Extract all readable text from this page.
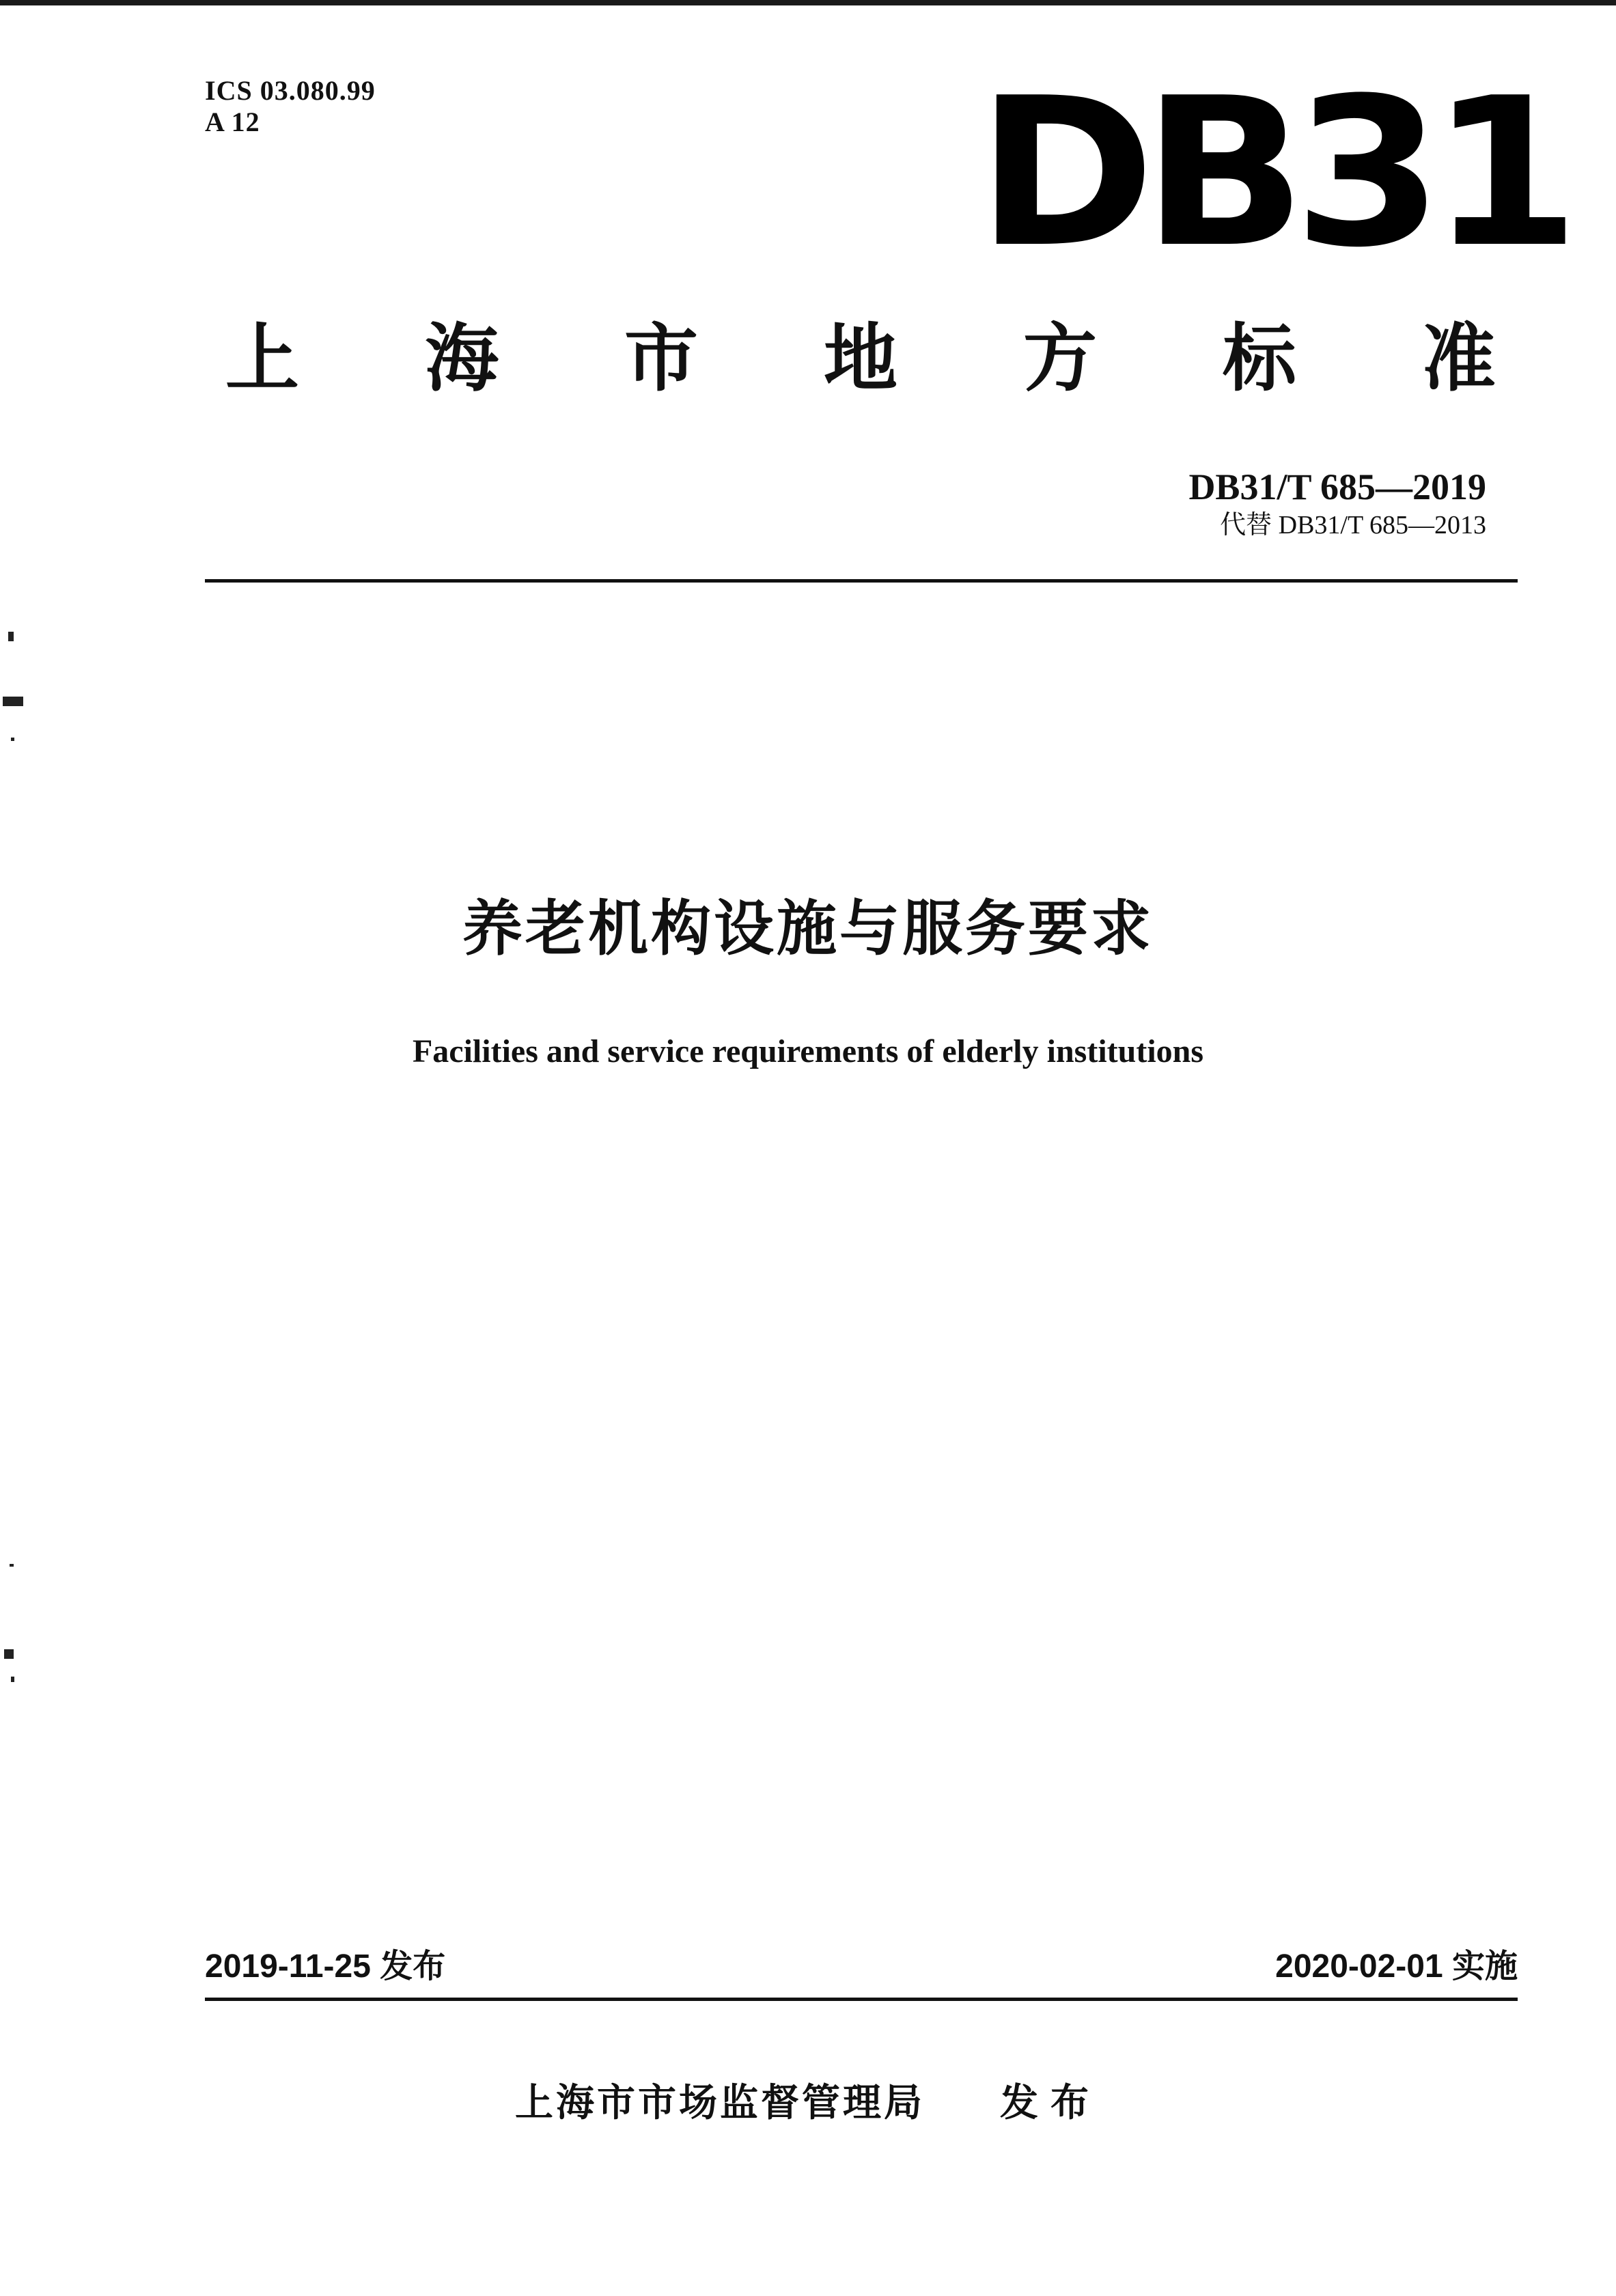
ICS 03.080.99
A 12	DB31
上 海 市 地 方 标 准
DB31/T 685—2019
代替 DB31/T 685—2013
养老机构设施与服务要求
Facilities and service requirements of elderly institutions
2019-11-25 发布	2020-02-01 实施
上海市市场监督管理局 发布
